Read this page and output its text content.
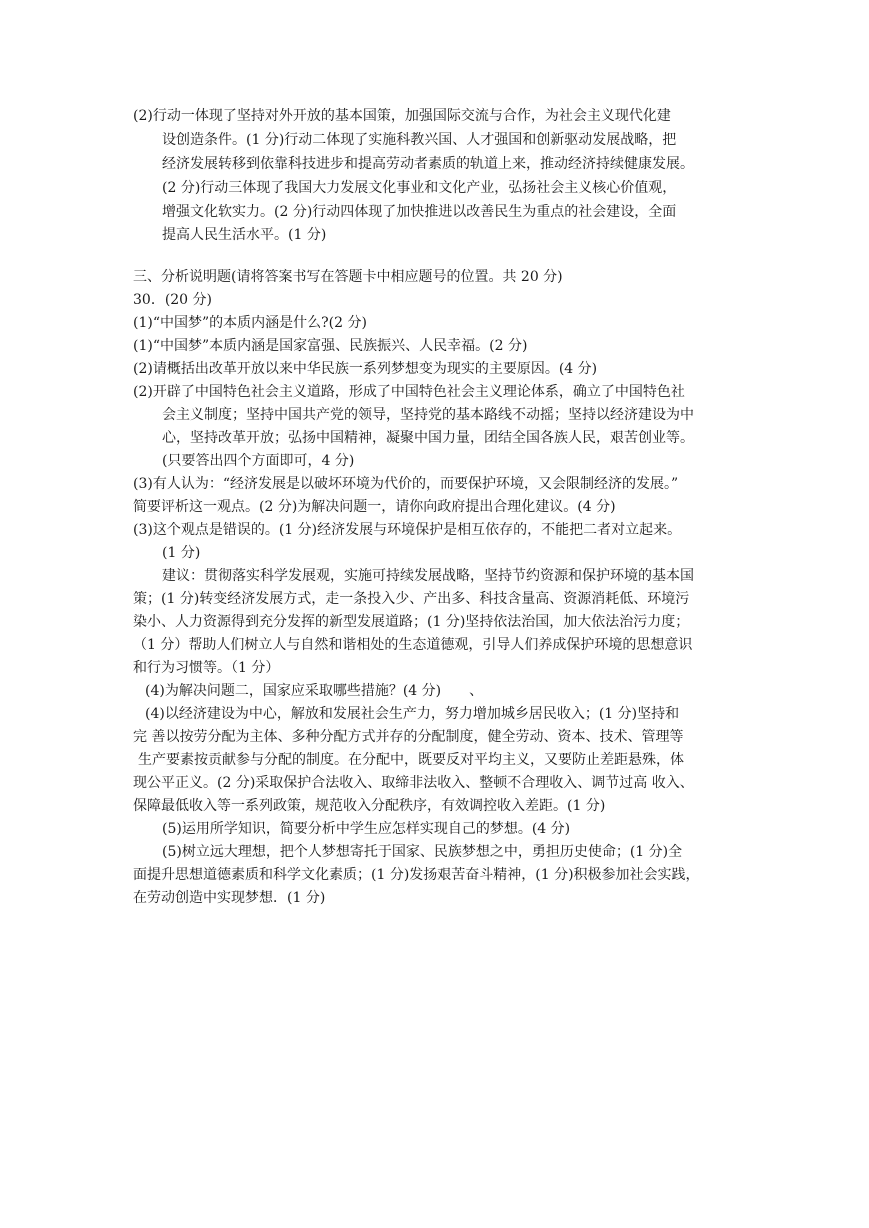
(2)行动一体现了坚持对外开放的基本国策，加强国际交流与合作，为社会主义现代化建
设创造条件。(1 分)行动二体现了实施科教兴国、人才强国和创新驱动发展战略，把
经济发展转移到依靠科技进步和提高劳动者素质的轨道上来，推动经济持续健康发展。
(2 分)行动三体现了我国大力发展文化事业和文化产业，弘扬社会主义核心价值观，
增强文化软实力。(2 分)行动四体现了加快推进以改善民生为重点的社会建设，全面
提高人民生活水平。(1 分)
三、分析说明题(请将答案书写在答题卡中相应题号的位置。共 20 分)
30．(20 分)
(1)“中国梦”的本质内涵是什么?(2 分)
(1)“中国梦”本质内涵是国家富强、民族振兴、人民幸福。(2 分)
(2)请概括出改革开放以来中华民族一系列梦想变为现实的主要原因。(4 分)
(2)开辟了中国特色社会主义道路，形成了中国特色社会主义理论体系，确立了中国特色社
会主义制度；坚持中国共产党的领导，坚持党的基本路线不动摇；坚持以经济建设为中
心，坚持改革开放；弘扬中国精神，凝聚中国力量，团结全国各族人民，艰苦创业等。
(只要答出四个方面即可，4 分)
(3)有人认为：“经济发展是以破坏环境为代价的，而要保护环境，又会限制经济的发展。”
简要评析这一观点。(2 分)为解决问题一，请你向政府提出合理化建议。(4 分)
(3)这个观点是错误的。(1 分)经济发展与环境保护是相互依存的，不能把二者对立起来。
(1 分)
建议：贯彻落实科学发展观，实施可持续发展战略，坚持节约资源和保护环境的基本国
策；(1 分)转变经济发展方式，走一条投入少、产出多、科技含量高、资源消耗低、环境污
染小、人力资源得到充分发挥的新型发展道路；(1 分)坚持依法治国，加大依法治污力度；
（1 分）帮助人们树立人与自然和谐相处的生态道德观，引导人们养成保护环境的思想意识
和行为习惯等。（1 分）
(4)为解决问题二，国家应采取哪些措施？(4 分)　　、
(4)以经济建设为中心，解放和发展社会生产力，努力增加城乡居民收入；(1 分)坚持和
完 善以按劳分配为主体、多种分配方式并存的分配制度，健全劳动、资本、技术、管理等
生产要素按贡献参与分配的制度。在分配中，既要反对平均主义，又要防止差距悬殊，体
现公平正义。(2 分)采取保护合法收入、取缔非法收入、整顿不合理收入、调节过高 收入、
保障最低收入等一系列政策，规范收入分配秩序，有效调控收入差距。(1 分)
(5)运用所学知识，简要分析中学生应怎样实现自己的梦想。(4 分)
(5)树立远大理想，把个人梦想寄托于国家、民族梦想之中，勇担历史使命；(1 分)全
面提升思想道德素质和科学文化素质；(1 分)发扬艰苦奋斗精神，(1 分)积极参加社会实践，
在劳动创造中实现梦想．(1 分)
